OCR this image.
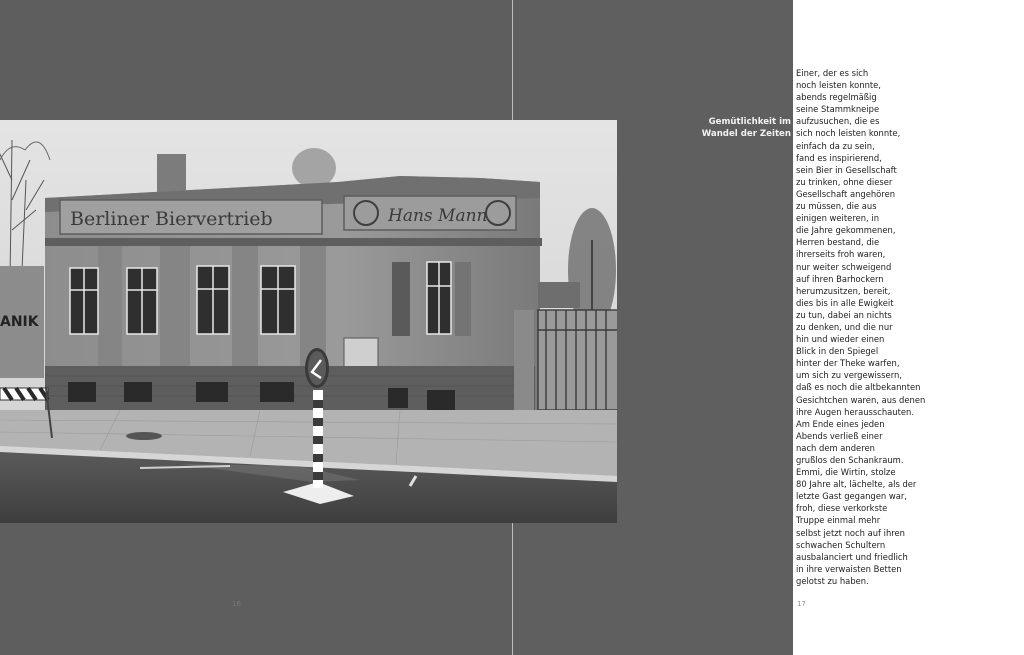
Berliner Biervertrieb	Hans Mann
ANIK
Gemütlichkeit im
Wandel der Zeiten
Einer, der es sich
noch leisten konnte,
abends regelmäßig
seine Stammkneipe
aufzusuchen, die es
sich noch leisten konnte,
einfach da zu sein,
fand es inspirierend,
sein Bier in Gesellschaft
zu trinken, ohne dieser
Gesellschaft angehören
zu müssen, die aus
einigen weiteren, in
die Jahre gekommenen,
Herren bestand, die
ihrerseits froh waren,
nur weiter schweigend
auf ihren Barhockern
herumzusitzen, bereit,
dies bis in alle Ewigkeit
zu tun, dabei an nichts
zu denken, und die nur
hin und wieder einen
Blick in den Spiegel
hinter der Theke warfen,
um sich zu vergewissern,
daß es noch die altbekannten
Gesichtchen waren, aus denen
ihre Augen herausschauten.
Am Ende eines jeden
Abends verließ einer
nach dem anderen
grußlos den Schankraum.
Emmi, die Wirtin, stolze
80 Jahre alt, lächelte, als der
letzte Gast gegangen war,
froh, diese verkorkste
Truppe einmal mehr
selbst jetzt noch auf ihren
schwachen Schultern
ausbalanciert und friedlich
in ihre verwaisten Betten
gelotst zu haben.
16	17
